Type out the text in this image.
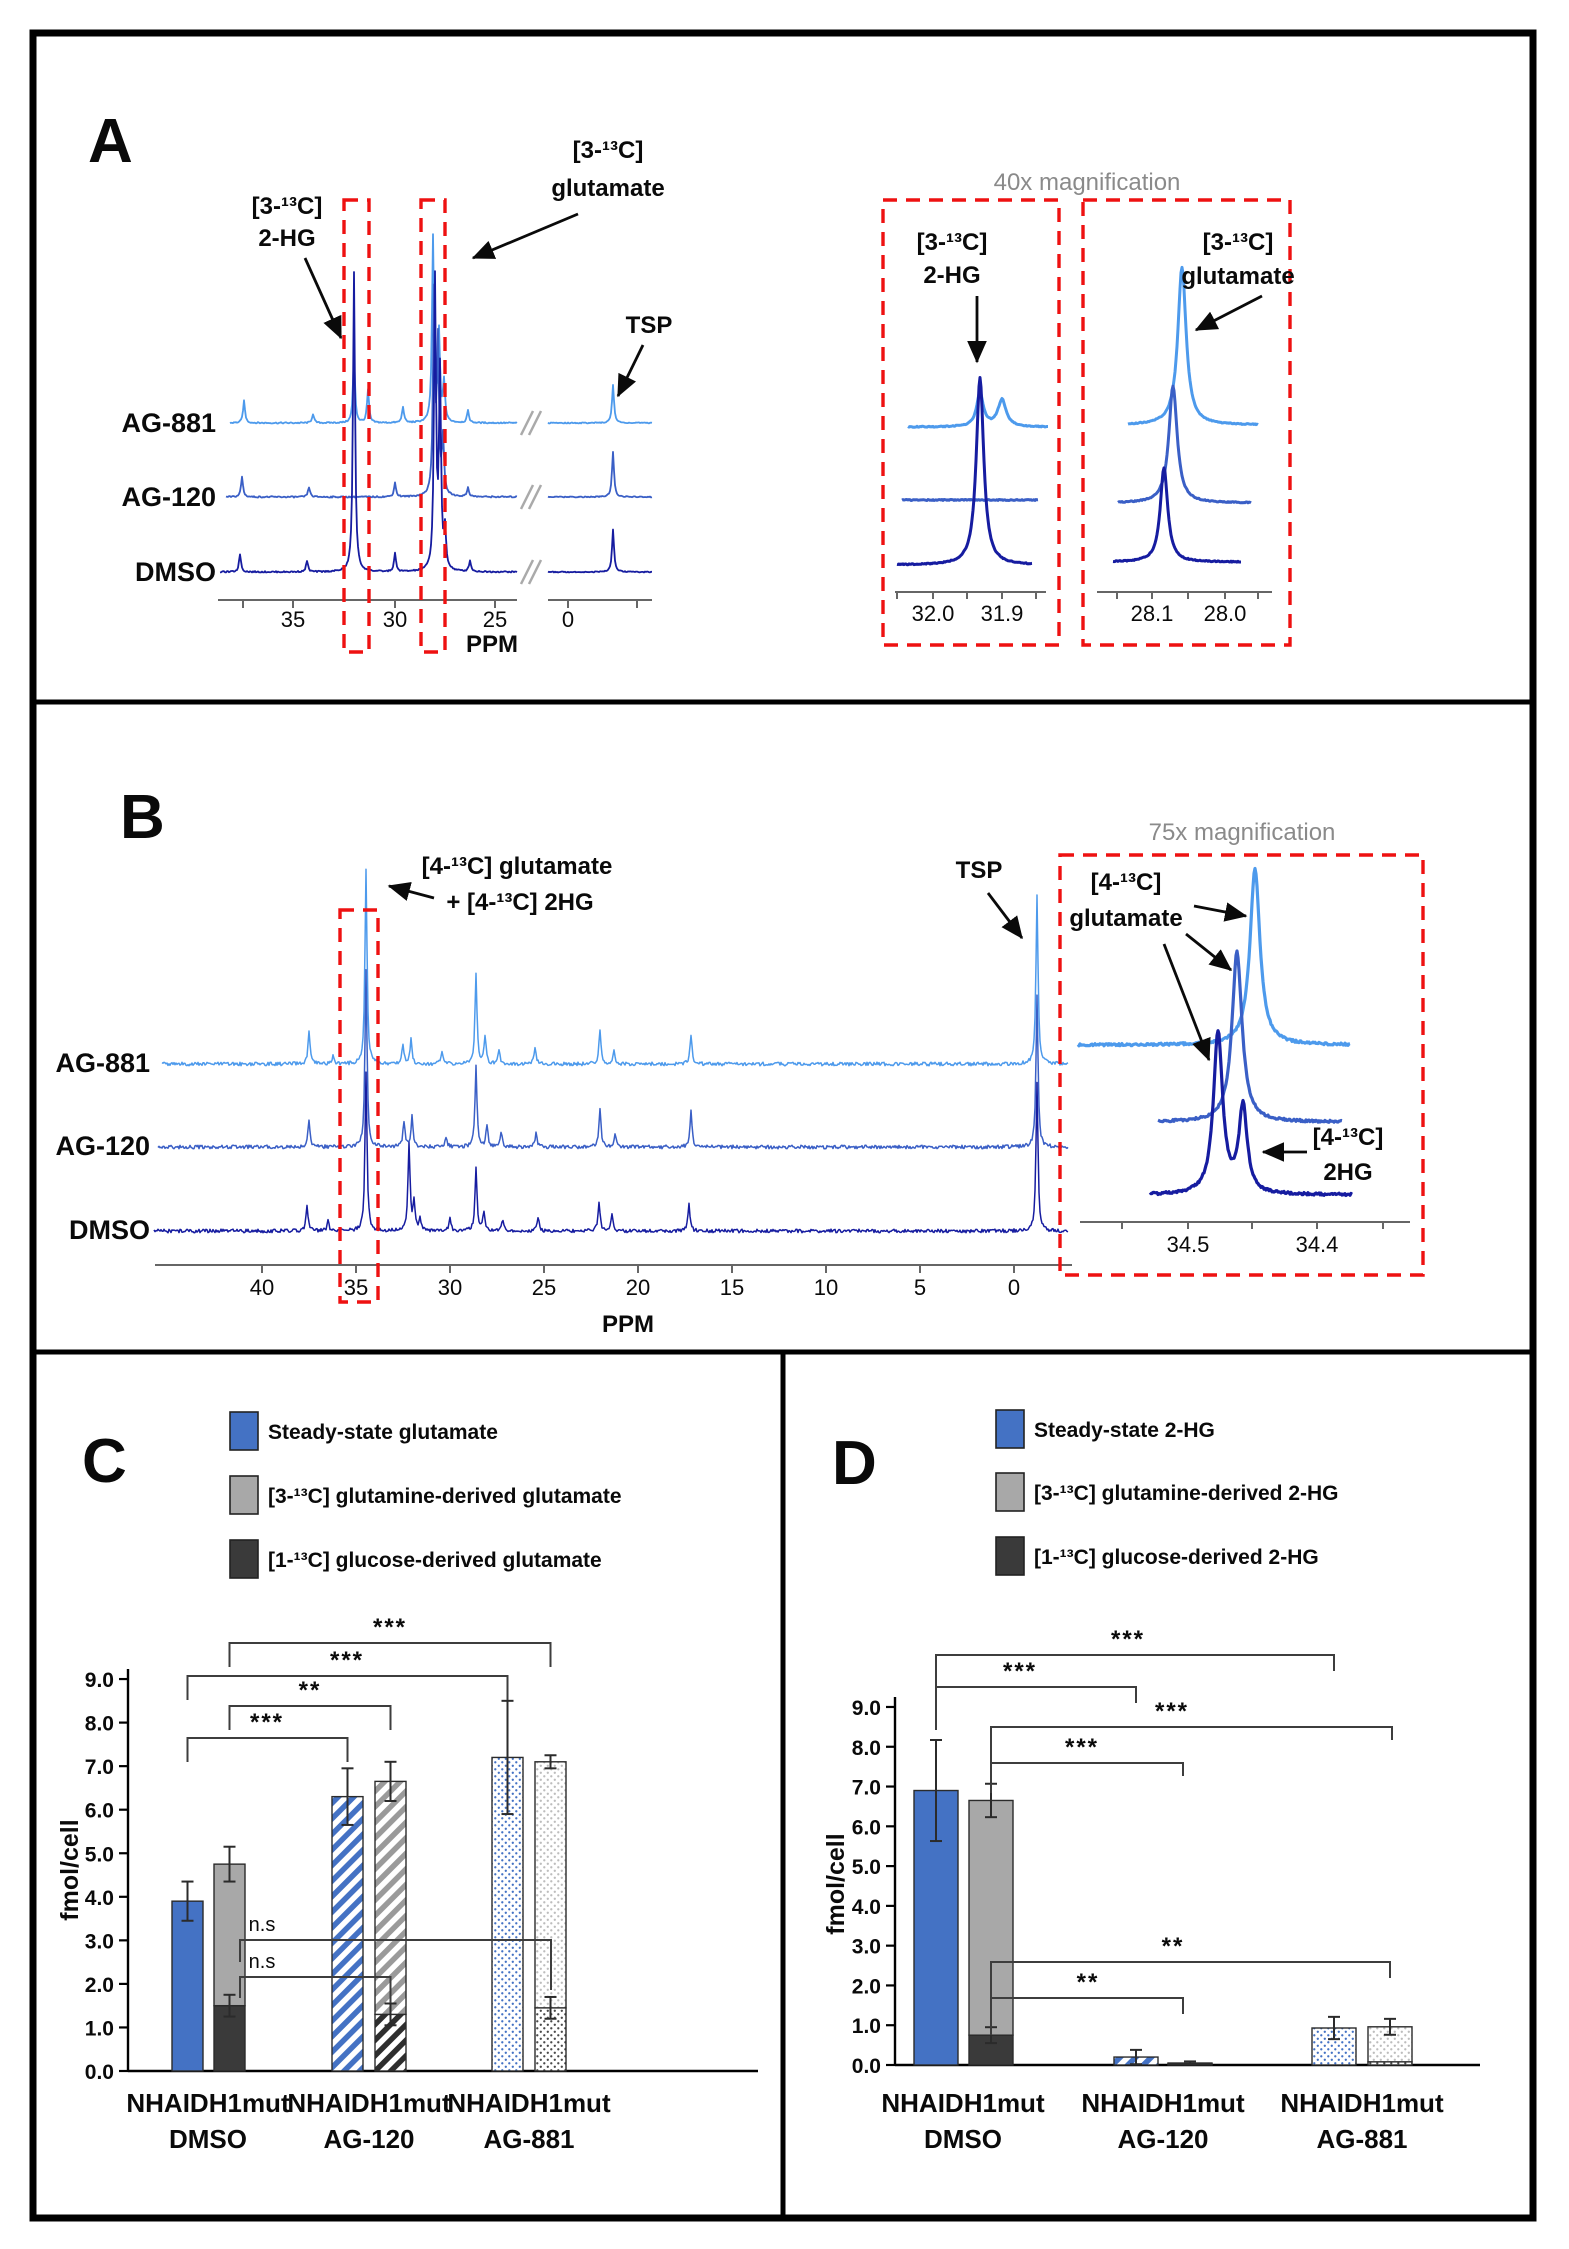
A
AG-881
AG-120
DMSO
[3-¹³C]
2-HG
[3-¹³C]
glutamate
TSP
PPM
40x magnification
[3-¹³C]
2-HG
[3-¹³C]
glutamate
B
AG-881
AG-120
DMSO
[4-¹³C] glutamate
+ [4-¹³C] 2HG
TSP
PPM
75x magnification
[4-¹³C]
glutamate
[4-¹³C]
2HG
C
fmol/cell
D
fmol/cell
35	30	25 0	32.0 31.9	28.1 28.0
40	35	30	25	20	15	10	5	0
34.5	34.4
0.0
1.0
2.0
3.0
4.0
5.0
6.0
7.0
8.0
9.0
Steady-state glutamate
[3-¹³C] glutamine-derived glutamate
[1-¹³C] glucose-derived glutamate
***
**
***
***
n.s
n.s
NHAIDH1mut
DMSO
NHAIDH1mut
AG-120
NHAIDH1mut
AG-881
0.0
1.0
2.0
3.0
4.0
5.0
6.0
7.0
8.0
9.0
Steady-state 2-HG
[3-¹³C] glutamine-derived 2-HG
[1-¹³C] glucose-derived 2-HG
***
***
***
***
**
**
NHAIDH1mut
DMSO
NHAIDH1mut
AG-120
NHAIDH1mut
AG-881
